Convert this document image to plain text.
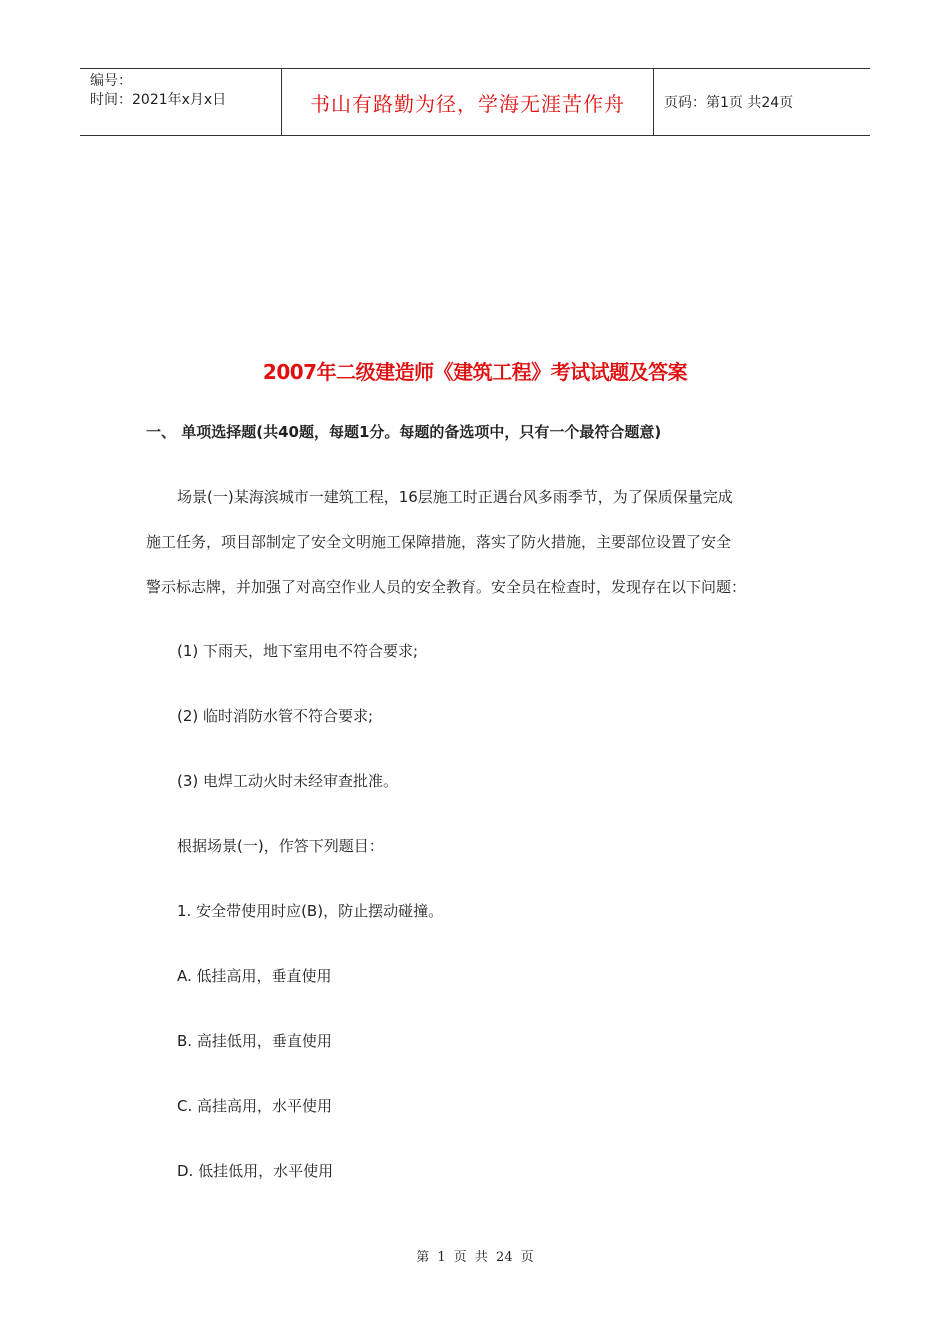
编号：
时间：2021年x月x日	书山有路勤为径，学海无涯苦作舟	页码：第1页 共24页
2007年二级建造师《建筑工程》考试试题及答案
一、 单项选择题(共40题，每题1分。每题的备选项中，只有一个最符合题意)
场景(一)某海滨城市一建筑工程，16层施工时正遇台风多雨季节，为了保质保量完成
施工任务，项目部制定了安全文明施工保障措施，落实了防火措施，主要部位设置了安全
警示标志牌，并加强了对高空作业人员的安全教育。安全员在检查时，发现存在以下问题：
(1) 下雨天，地下室用电不符合要求;
(2) 临时消防水管不符合要求;
(3) 电焊工动火时未经审查批准。
根据场景(一)，作答下列题目：
1. 安全带使用时应(B)，防止摆动碰撞。
A. 低挂高用，垂直使用
B. 高挂低用，垂直使用
C. 高挂高用，水平使用
D. 低挂低用，水平使用
第 1 页 共 24 页
